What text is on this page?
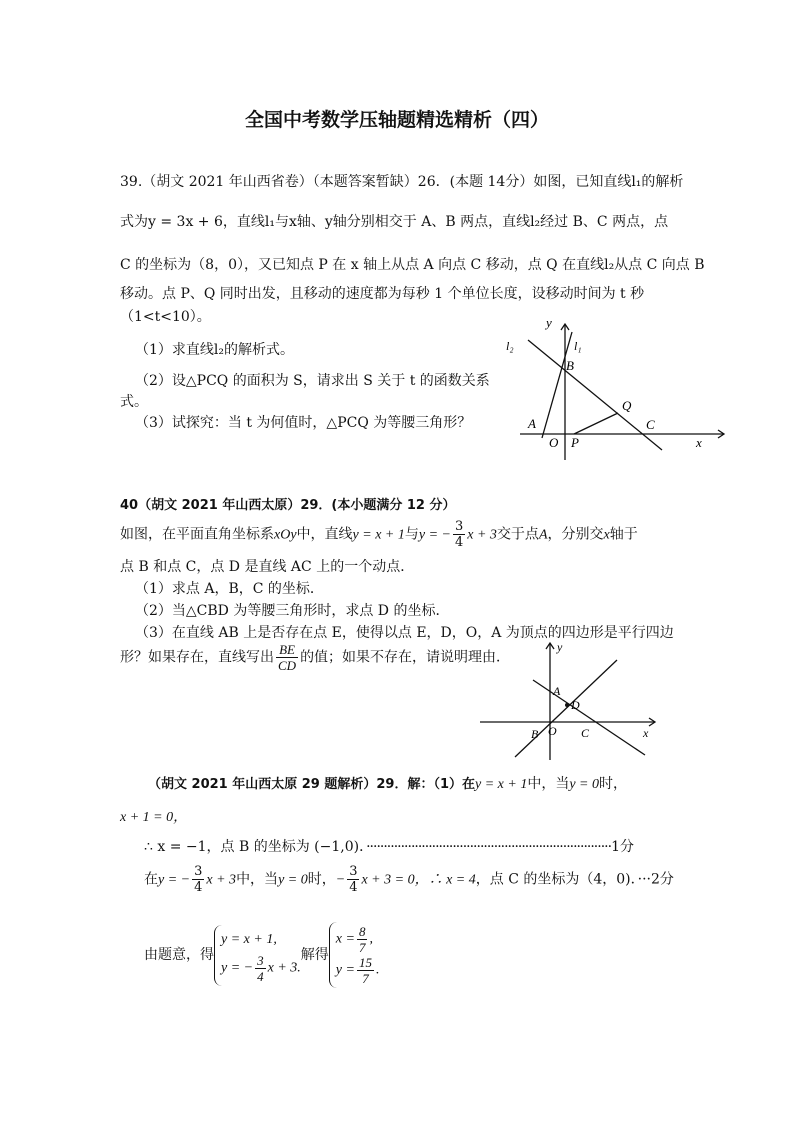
全国中考数学压轴题精选精析（四）
39.（胡文 2021 年山西省卷）（本题答案暂缺）26．(本题 14分）如图，已知直线l₁的解析
式为y = 3x + 6，直线l₁与x轴、y轴分别相交于 A、B 两点，直线l₂经过 B、C 两点，点
C 的坐标为（8，0），又已知点 P 在 x 轴上从点 A 向点 C 移动，点 Q 在直线l₂从点 C 向点 B
移动。点 P、Q 同时出发，且移动的速度都为每秒 1 个单位长度，设移动时间为 t 秒
（1<t<10）。
（1）求直线l₂的解析式。
（2）设△PCQ 的面积为 S，请求出 S 关于 t 的函数关系
式。
（3）试探究：当 t 为何值时，△PCQ 为等腰三角形？
y
x
l₁
l₂
B
A
O P
Q
C
40（胡文 2021 年山西太原）29．(本小题满分 12 分）
如图，在平面直角坐标系xOy中，直线y = x + 1与y = − $\frac{3}{4}$ x + 3交于点A，分别交x轴于
点 B 和点 C，点 D 是直线 AC 上的一个动点．
（1）求点 A，B，C 的坐标．
（2）当△CBD 为等腰三角形时，求点 D 的坐标．
（3）在直线 AB 上是否存在点 E，使得以点 E，D，O，A 为顶点的四边形是平行四边
形？如果存在，直线写出 $\frac{BE}{CD}$ 的值；如果不存在，请说明理由．
y
x
A
D
B O C
（胡文 2021 年山西太原 29 题解析）29．解：（1）在y = x + 1中，当y = 0时，
x + 1 = 0，
∴ x = −1，点 B 的坐标为 (−1,0)．·······································································1分
在y = − $\frac{3}{4}$ x + 3中，当y = 0时，− $\frac{3}{4}$ x + 3 = 0，∴ x = 4，点 C 的坐标为（4，0)．···2分
由题意，得
y = x + 1,
y = − $\frac{3}{4}$ x + 3.
解得
$x = \frac{8}{7}$ ,
$y = \frac{15}{7}$ .
